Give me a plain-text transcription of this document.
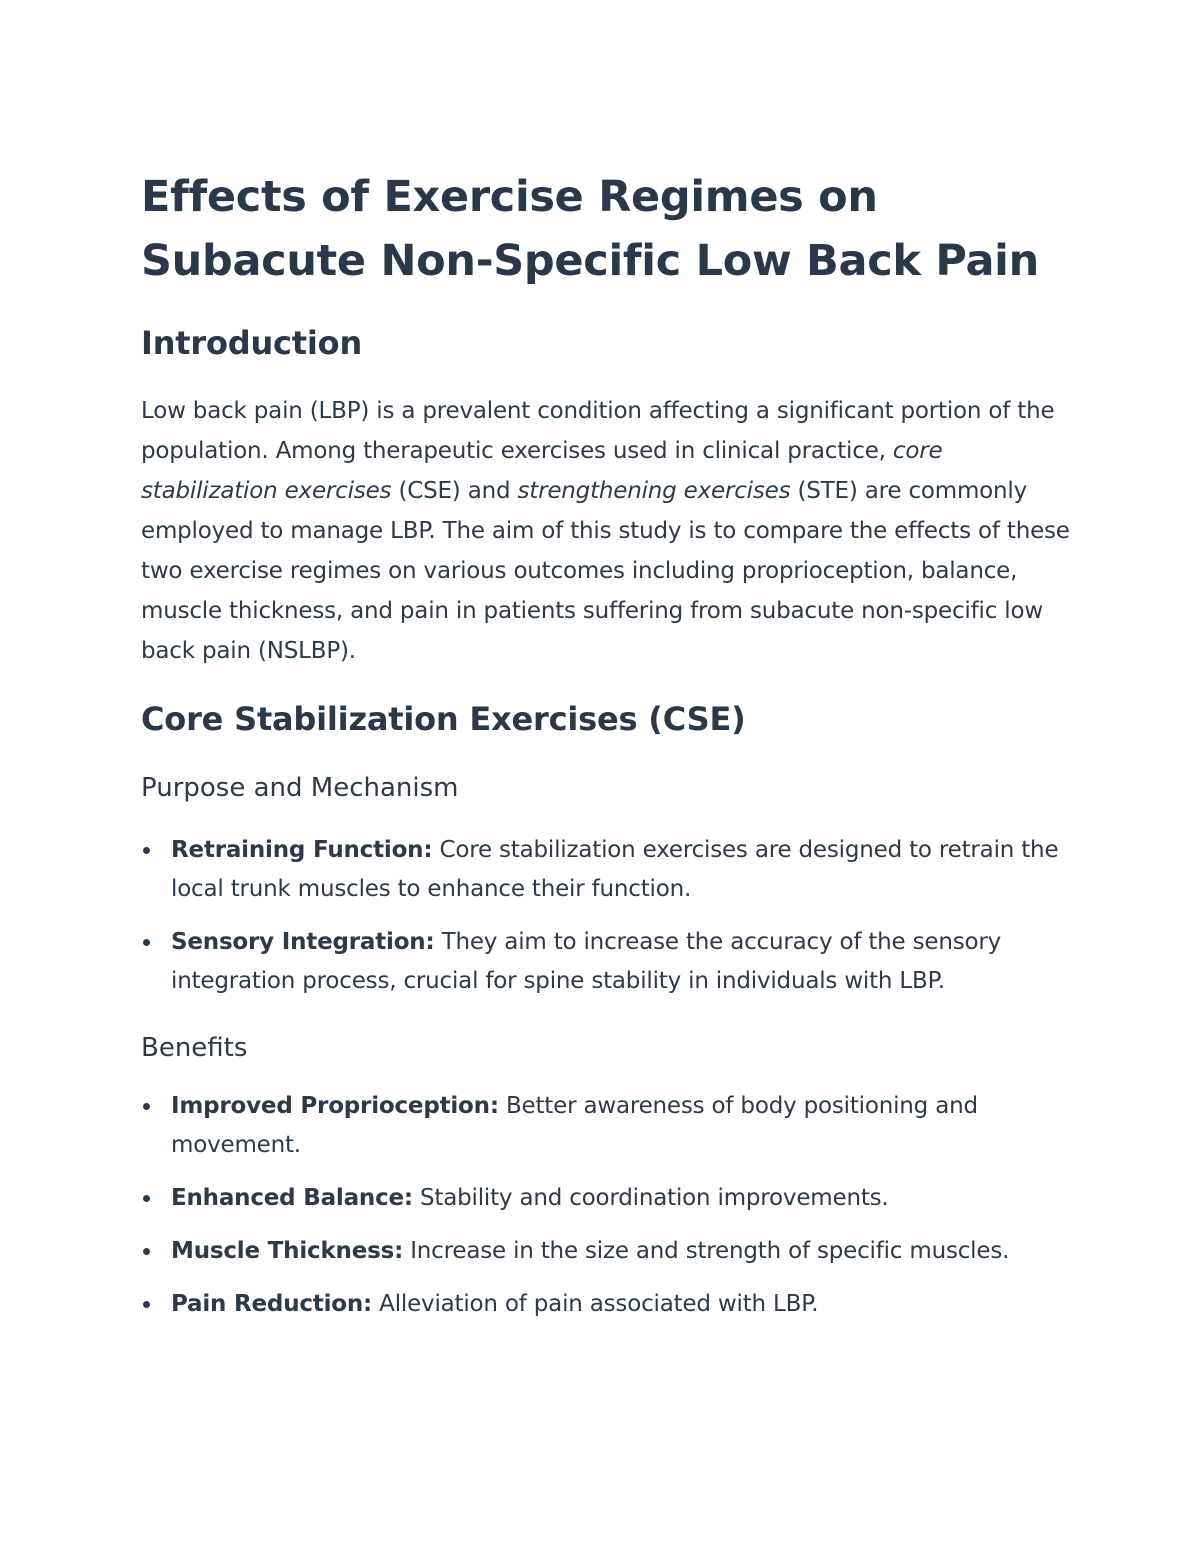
Effects of Exercise Regimes on Subacute Non-Specific Low Back Pain
Introduction

Low back pain (LBP) is a prevalent condition affecting a significant portion of the population. Among therapeutic exercises used in clinical practice, core stabilization exercises (CSE) and strengthening exercises (STE) are commonly employed to manage LBP. The aim of this study is to compare the effects of these two exercise regimes on various outcomes including proprioception, balance, muscle thickness, and pain in patients suffering from subacute non-specific low back pain (NSLBP).

Core Stabilization Exercises (CSE)
Purpose and Mechanism
Retraining Function: Core stabilization exercises are designed to retrain the local trunk muscles to enhance their function.
Sensory Integration: They aim to increase the accuracy of the sensory integration process, crucial for spine stability in individuals with LBP.
Benefits
Improved Proprioception: Better awareness of body positioning and movement.
Enhanced Balance: Stability and coordination improvements.
Muscle Thickness: Increase in the size and strength of specific muscles.
Pain Reduction: Alleviation of pain associated with LBP.
